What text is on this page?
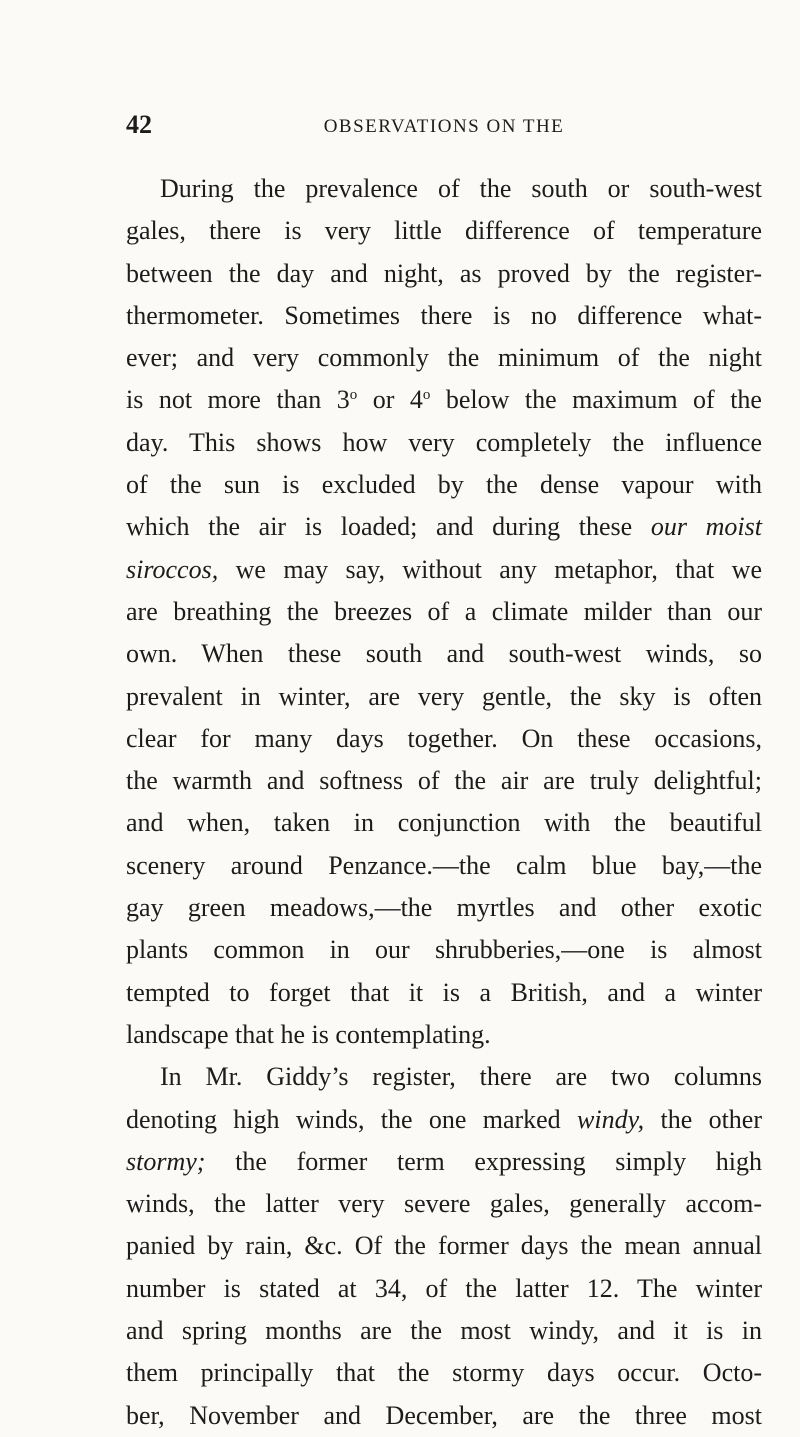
42	OBSERVATIONS ON THE
During the prevalence of the south or south-west
gales, there is very little difference of temperature
between the day and night, as proved by the register-
thermometer. Sometimes there is no difference what-
ever; and very commonly the minimum of the night
is not more than 3$^o$ or 4$^o$ below the maximum of the
day. This shows how very completely the influence
of the sun is excluded by the dense vapour with
which the air is loaded; and during these our moist
siroccos, we may say, without any metaphor, that we
are breathing the breezes of a climate milder than our
own. When these south and south-west winds, so
prevalent in winter, are very gentle, the sky is often
clear for many days together. On these occasions,
the warmth and softness of the air are truly delightful;
and when, taken in conjunction with the beautiful
scenery around Penzance.—the calm blue bay,—the
gay green meadows,—the myrtles and other exotic
plants common in our shrubberies,—one is almost
tempted to forget that it is a British, and a winter
landscape that he is contemplating.
In Mr. Giddy’s register, there are two columns
denoting high winds, the one marked windy, the other
stormy; the former term expressing simply high
winds, the latter very severe gales, generally accom-
panied by rain, &c. Of the former days the mean annual
number is stated at 34, of the latter 12. The winter
and spring months are the most windy, and it is in
them principally that the stormy days occur. Octo-
ber, November and December, are the three most
